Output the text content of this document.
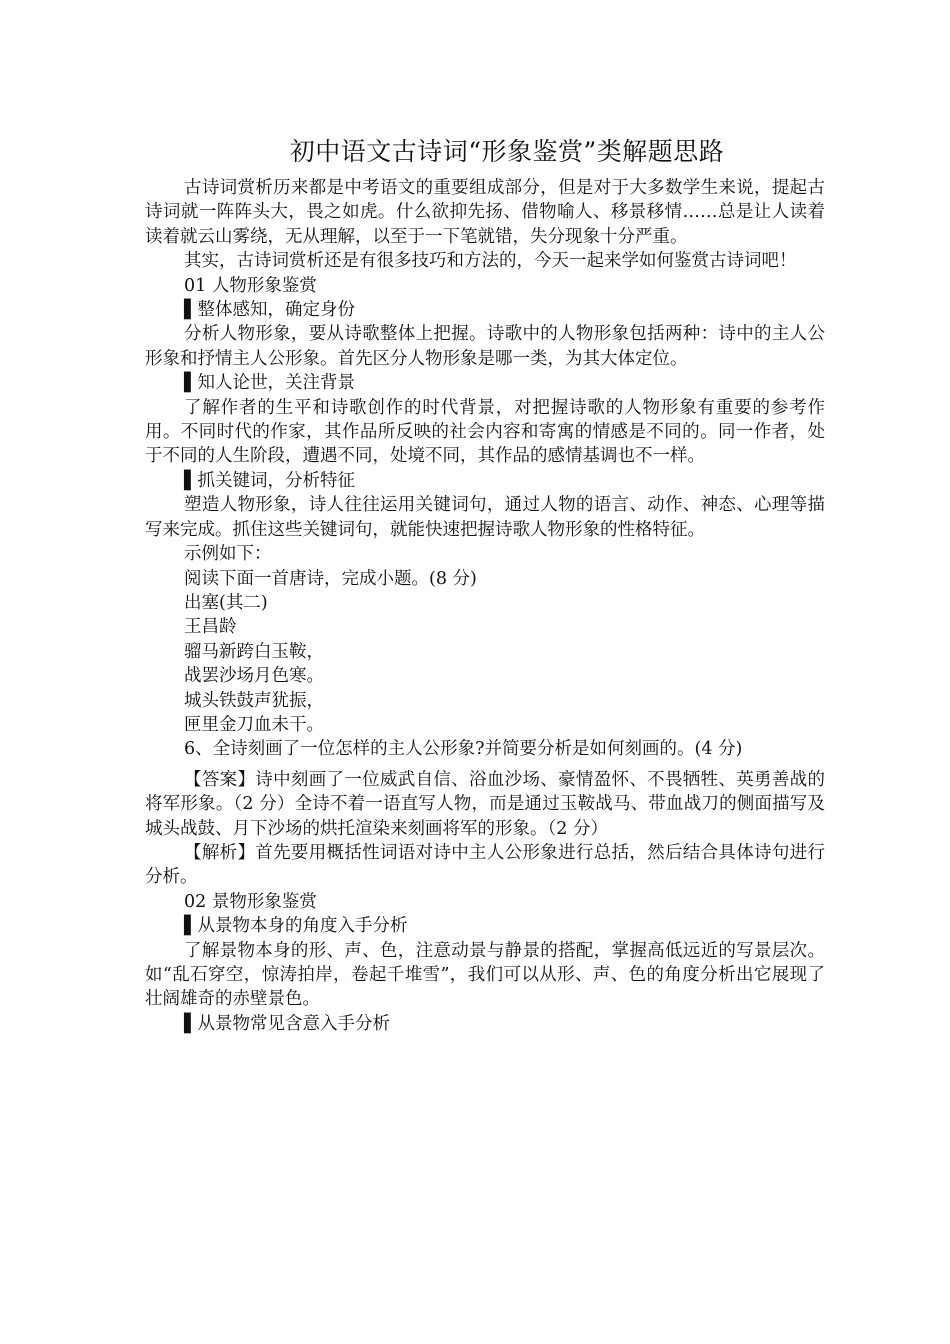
初中语文古诗词“形象鉴赏”类解题思路

古诗词赏析历来都是中考语文的重要组成部分，但是对于大多数学生来说，提起古诗词就一阵阵头大，畏之如虎。什么欲抑先扬、借物喻人、移景移情……总是让人读着读着就云山雾绕，无从理解，以至于一下笔就错，失分现象十分严重。

其实，古诗词赏析还是有很多技巧和方法的，今天一起来学如何鉴赏古诗词吧！

01 人物形象鉴赏
▌整体感知，确定身份

分析人物形象，要从诗歌整体上把握。诗歌中的人物形象包括两种：诗中的主人公形象和抒情主人公形象。首先区分人物形象是哪一类，为其大体定位。

▌知人论世，关注背景

了解作者的生平和诗歌创作的时代背景，对把握诗歌的人物形象有重要的参考作用。不同时代的作家，其作品所反映的社会内容和寄寓的情感是不同的。同一作者，处于不同的人生阶段，遭遇不同，处境不同，其作品的感情基调也不一样。

▌抓关键词，分析特征

塑造人物形象，诗人往往运用关键词句，通过人物的语言、动作、神态、心理等描写来完成。抓住这些关键词句，就能快速把握诗歌人物形象的性格特征。

示例如下：
阅读下面一首唐诗，完成小题。(8 分)
出塞(其二)
王昌龄
骝马新跨白玉鞍，
战罢沙场月色寒。
城头铁鼓声犹振，
匣里金刀血未干。

6、全诗刻画了一位怎样的主人公形象?并简要分析是如何刻画的。(4 分)

【答案】诗中刻画了一位威武自信、浴血沙场、豪情盈怀、不畏牺牲、英勇善战的将军形象。（2 分）全诗不着一语直写人物，而是通过玉鞍战马、带血战刀的侧面描写及城头战鼓、月下沙场的烘托渲染来刻画将军的形象。（2 分）

【解析】首先要用概括性词语对诗中主人公形象进行总括，然后结合具体诗句进行分析。

02 景物形象鉴赏
▌从景物本身的角度入手分析

了解景物本身的形、声、色，注意动景与静景的搭配，掌握高低远近的写景层次。如“乱石穿空，惊涛拍岸，卷起千堆雪”，我们可以从形、声、色的角度分析出它展现了壮阔雄奇的赤壁景色。

▌从景物常见含意入手分析
